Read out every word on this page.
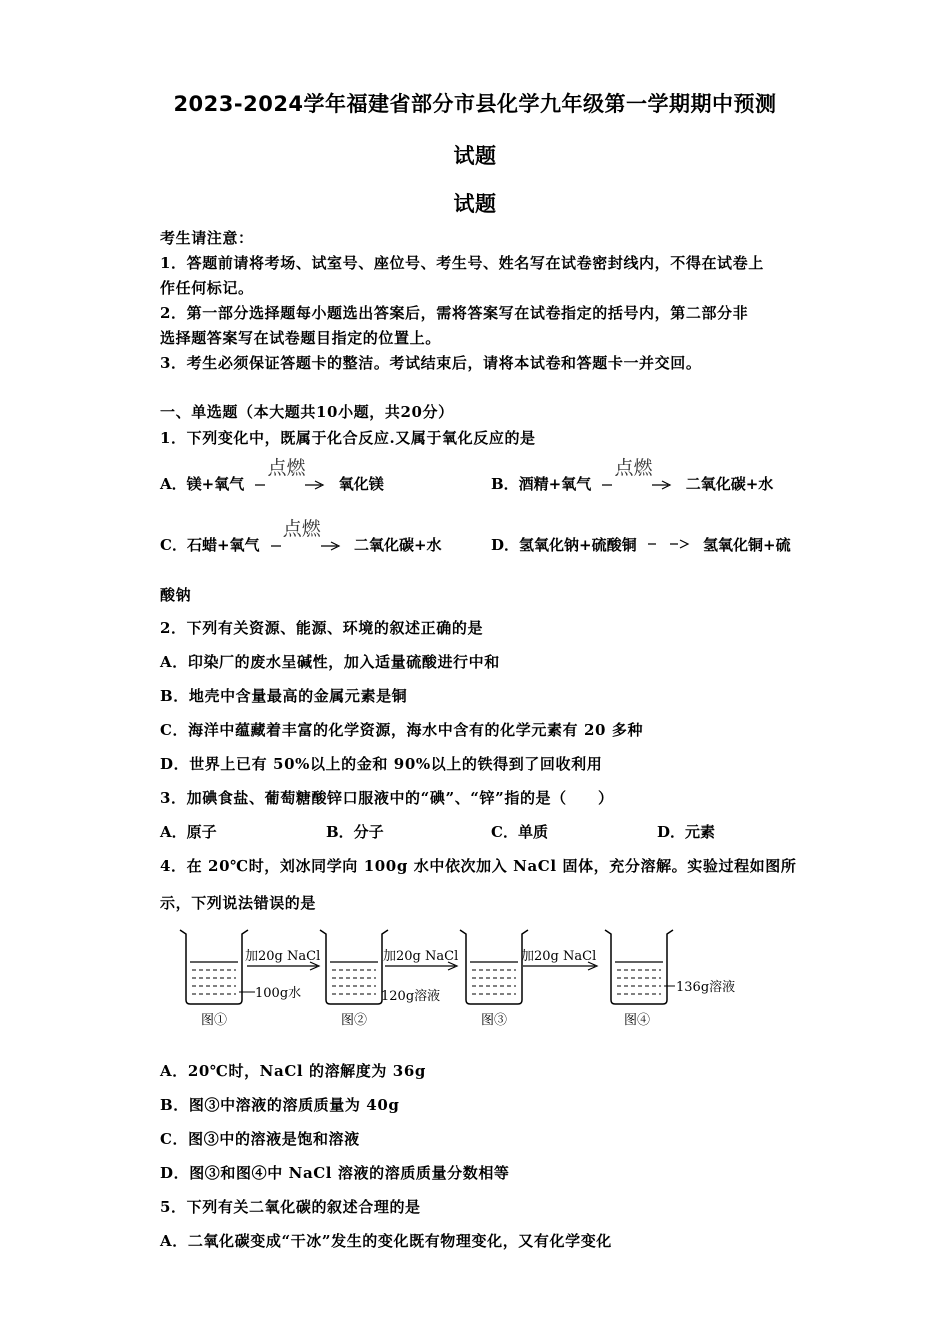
2023-2024学年福建省部分市县化学九年级第一学期期中预测
试题
试题
考生请注意：
1．答题前请将考场、试室号、座位号、考生号、姓名写在试卷密封线内，不得在试卷上
作任何标记。
2．第一部分选择题每小题选出答案后，需将答案写在试卷指定的括号内，第二部分非
选择题答案写在试卷题目指定的位置上。
3．考生必须保证答题卡的整洁。考试结束后，请将本试卷和答题卡一并交回。
一、单选题（本大题共10小题，共20分）
1．下列变化中，既属于化合反应.又属于氧化反应的是
A．镁+氧气
点燃
氧化镁	B．酒精+氧气
点燃
二氧化碳+水
C．石蜡+氧气
点燃
二氧化碳+水	D．氢氧化钠+硫酸铜 → 氢氧化铜+硫
酸钠
2．下列有关资源、能源、环境的叙述正确的是
A．印染厂的废水呈碱性，加入适量硫酸进行中和
B．地壳中含量最高的金属元素是铜
C．海洋中蕴藏着丰富的化学资源，海水中含有的化学元素有 20 多种
D．世界上已有 50%以上的金和 90%以上的铁得到了回收利用
3．加碘食盐、葡萄糖酸锌口服液中的“碘”、“锌”指的是（　　）
A．原子	B．分子	C．单质	D．元素
4．在 20℃时，刘冰同学向 100g 水中依次加入 NaCl 固体，充分溶解。实验过程如图所
示，下列说法错误的是
100g水
图①
加20g NaCl
120g溶液
图②
加20g NaCl
图③
加20g NaCl
136g溶液
图④
A．20℃时，NaCl 的溶解度为 36g
B．图③中溶液的溶质质量为 40g
C．图③中的溶液是饱和溶液
D．图③和图④中 NaCl 溶液的溶质质量分数相等
5．下列有关二氧化碳的叙述合理的是
A．二氧化碳变成“干冰”发生的变化既有物理变化，又有化学变化
